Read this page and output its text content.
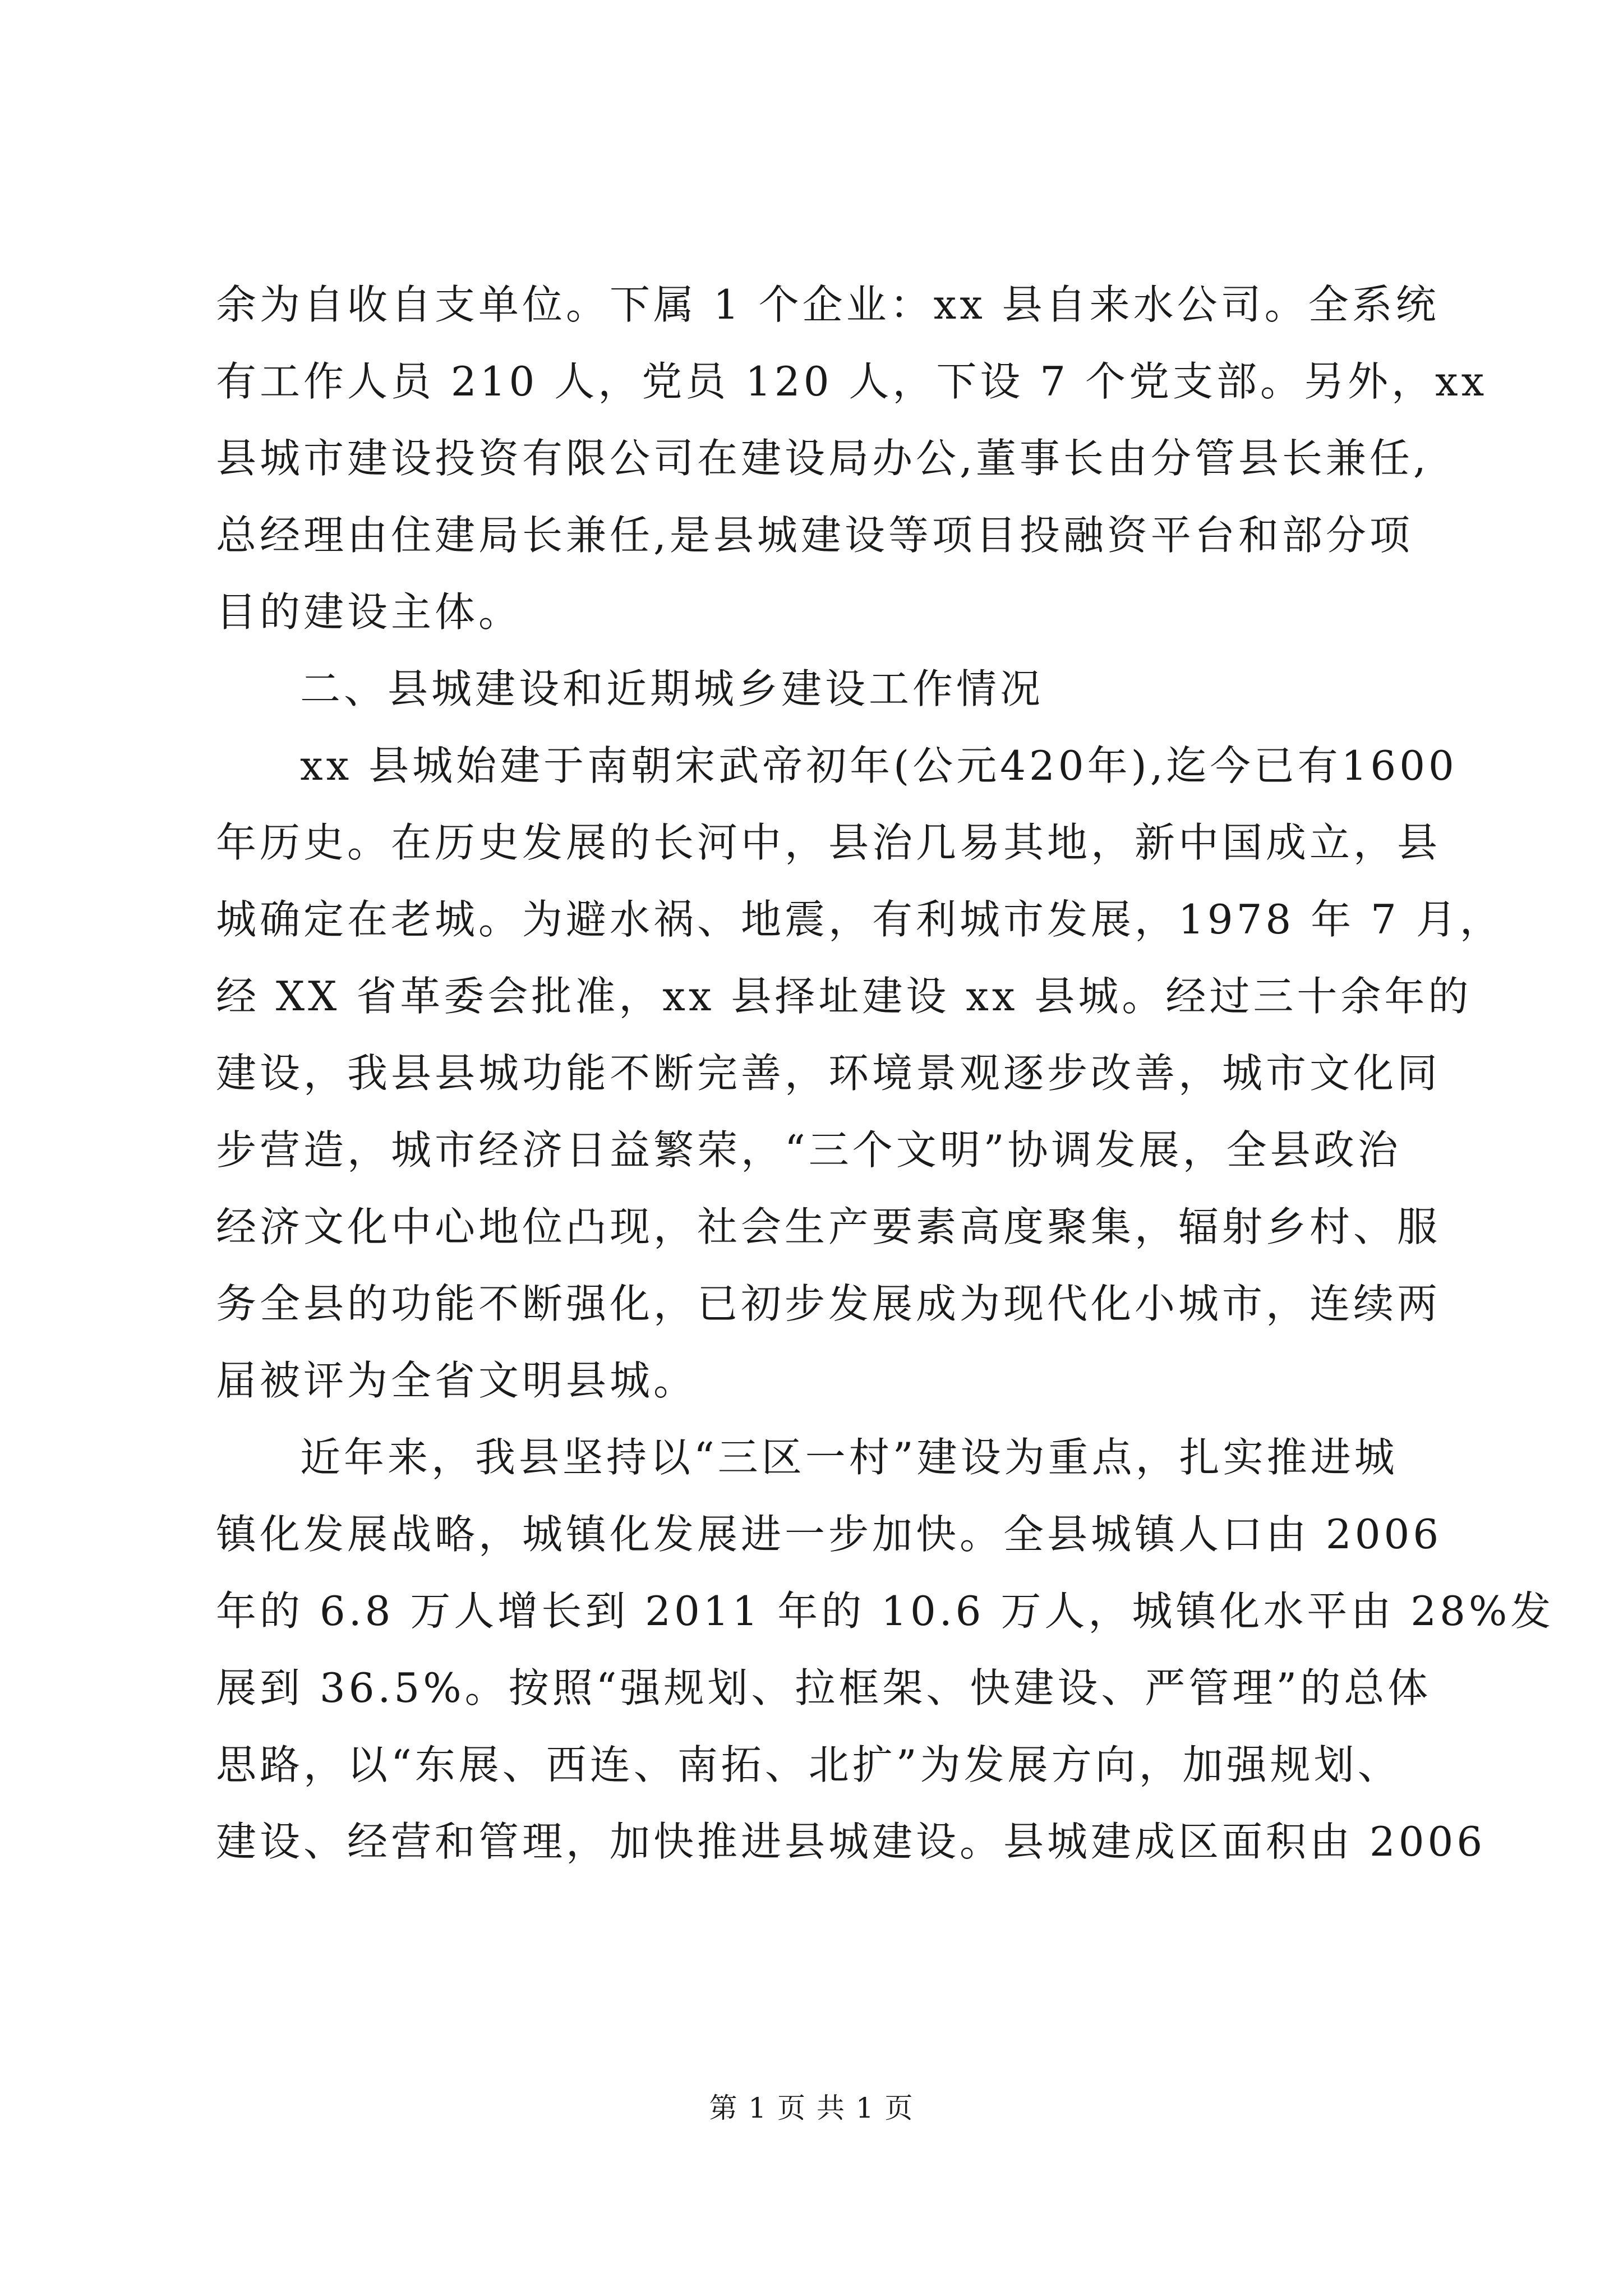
余为自收自支单位。下属 1 个企业：xx 县自来水公司。全系统
有工作人员 210 人，党员 120 人，下设 7 个党支部。另外，xx
县城市建设投资有限公司在建设局办公,董事长由分管县长兼任,
总经理由住建局长兼任,是县城建设等项目投融资平台和部分项
目的建设主体。
二、县城建设和近期城乡建设工作情况
xx 县城始建于南朝宋武帝初年(公元420年),迄今已有1600
年历史。在历史发展的长河中，县治几易其地，新中国成立，县
城确定在老城。为避水祸、地震，有利城市发展，1978 年 7 月，
经 XX 省革委会批准，xx 县择址建设 xx 县城。经过三十余年的
建设，我县县城功能不断完善，环境景观逐步改善，城市文化同
步营造，城市经济日益繁荣，“三个文明”协调发展，全县政治
经济文化中心地位凸现，社会生产要素高度聚集，辐射乡村、服
务全县的功能不断强化，已初步发展成为现代化小城市，连续两
届被评为全省文明县城。
近年来，我县坚持以“三区一村”建设为重点，扎实推进城
镇化发展战略，城镇化发展进一步加快。全县城镇人口由 2006
年的 6.8 万人增长到 2011 年的 10.6 万人，城镇化水平由 28%发
展到 36.5%。按照“强规划、拉框架、快建设、严管理”的总体
思路，以“东展、西连、南拓、北扩”为发展方向，加强规划、
建设、经营和管理，加快推进县城建设。县城建成区面积由 2006
第 1 页 共 1 页
